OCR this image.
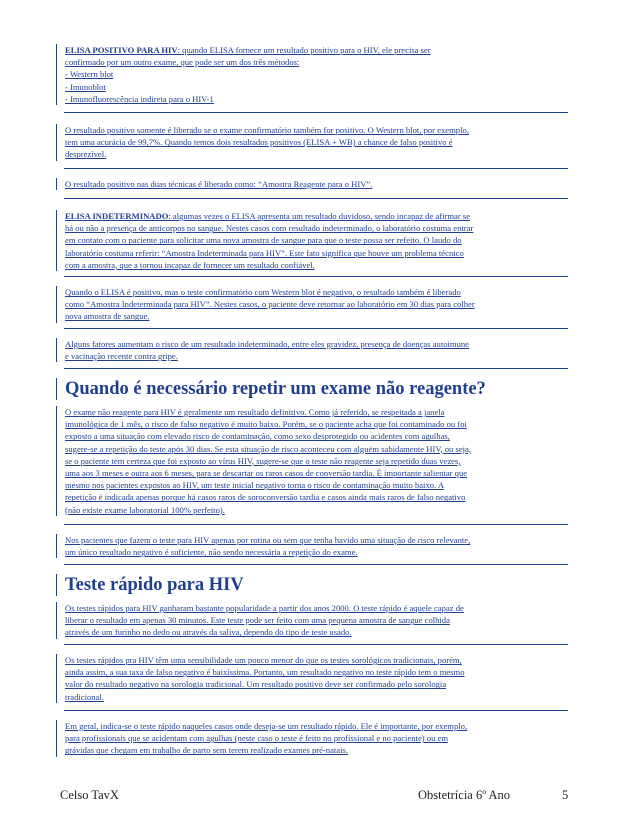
ELISA POSITIVO PARA HIV: quando ELISA fornece um resultado positivo para o HIV, ele precisa ser
confirmado por um outro exame, que pode ser um dos três métodos:
- Western blot
- Imunoblot
- Imunofluorescência indireta para o HIV-1
O resultado positivo somente é liberado se o exame confirmatório também for positivo. O Western blot, por exemplo,
tem uma acurácia de 99,7%. Quando temos dois resultados positivos (ELISA + WB) a chance de falso positivo é
desprezível.
O resultado positivo nas duas técnicas é liberado como: “Amostra Reagente para o HIV”.
ELISA INDETERMINADO: algumas vezes o ELISA apresenta um resultado duvidoso, sendo incapaz de afirmar se
há ou não a presença de anticorpos no sangue. Nestes casos com resultado indeterminado, o laboratório costuma entrar
em contato com o paciente para solicitar uma nova amostra de sangue para que o teste possa ser refeito. O laudo do
laboratório costuma referir: “Amostra Indeterminada para HIV”. Este fato significa que houve um problema técnico
com a amostra, que a tornou incapaz de fornecer um resultado confiável.
Quando o ELISA é positivo, mas o teste confirmatório com Western blot é negativo, o resultado também é liberado
como “Amostra Indeterminada para HIV”. Nestes casos, o paciente deve retornar ao laboratório em 30 dias para colher
nova amostra de sangue.
Alguns fatores aumentam o risco de um resultado indeterminado, entre eles gravidez, presença de doenças autoimune
e vacinação recente contra gripe.
Quando é necessário repetir um exame não reagente?
O exame não reagente para HIV é geralmente um resultado definitivo. Como já referido, se respeitada a janela
imunológica de 1 mês, o risco de falso negativo é muito baixo. Porém, se o paciente acha que foi contaminado ou foi
exposto a uma situação com elevado risco de contaminação, como sexo desprotegido ou acidentes com agulhas,
sugere-se a repetição do teste após 30 dias. Se esta situação de risco aconteceu com alguém sabidamente HIV, ou seja,
se o paciente tem certeza que foi exposto ao vírus HIV, sugere-se que o teste não reagente seja repetido duas vezes,
uma aos 3 meses e outra aos 6 meses, para se descartar os raros casos de conversão tardia. É importante salientar que
mesmo nos pacientes expostos ao HIV, um teste inicial negativo torna o risco de contaminação muito baixo. A
repetição é indicada apenas porque há casos raros de soroconversão tardia e casos ainda mais raros de falso negativo
(não existe exame laboratorial 100% perfeito).
Nos pacientes que fazem o teste para HIV apenas por rotina ou sem que tenha havido uma situação de risco relevante,
um único resultado negativo é suficiente, não sendo necessária a repetição do exame.
Teste rápido para HIV
Os testes rápidos para HIV ganharam bastante popularidade a partir dos anos 2000. O teste rápido é aquele capaz de
liberar o resultado em apenas 30 minutos. Este teste pode ser feito com uma pequena amostra de sangue colhida
através de um furinho no dedo ou através da saliva, dependo do tipo de teste usado.
Os testes rápidos pra HIV têm uma sensibilidade um pouco menor do que os testes sorológicos tradicionais, porém,
ainda assim, a sua taxa de falso negativo é baixíssima. Portanto, um resultado negativo no teste rápido tem o mesmo
valor do resultado negativo na sorologia tradicional. Um resultado positivo deve ser confirmado pelo sorologia
tradicional.
Em geral, indica-se o teste rápido naqueles casos onde deseja-se um resultado rápido. Ele é importante, por exemplo,
para profissionais que se acidentam com agulhas (neste caso o teste é feito no profissional e no paciente) ou em
grávidas que chegam em trabalho de parto sem terem realizado exames pré-natais.
Celso TavX	Obstetrícia 6º Ano	5
